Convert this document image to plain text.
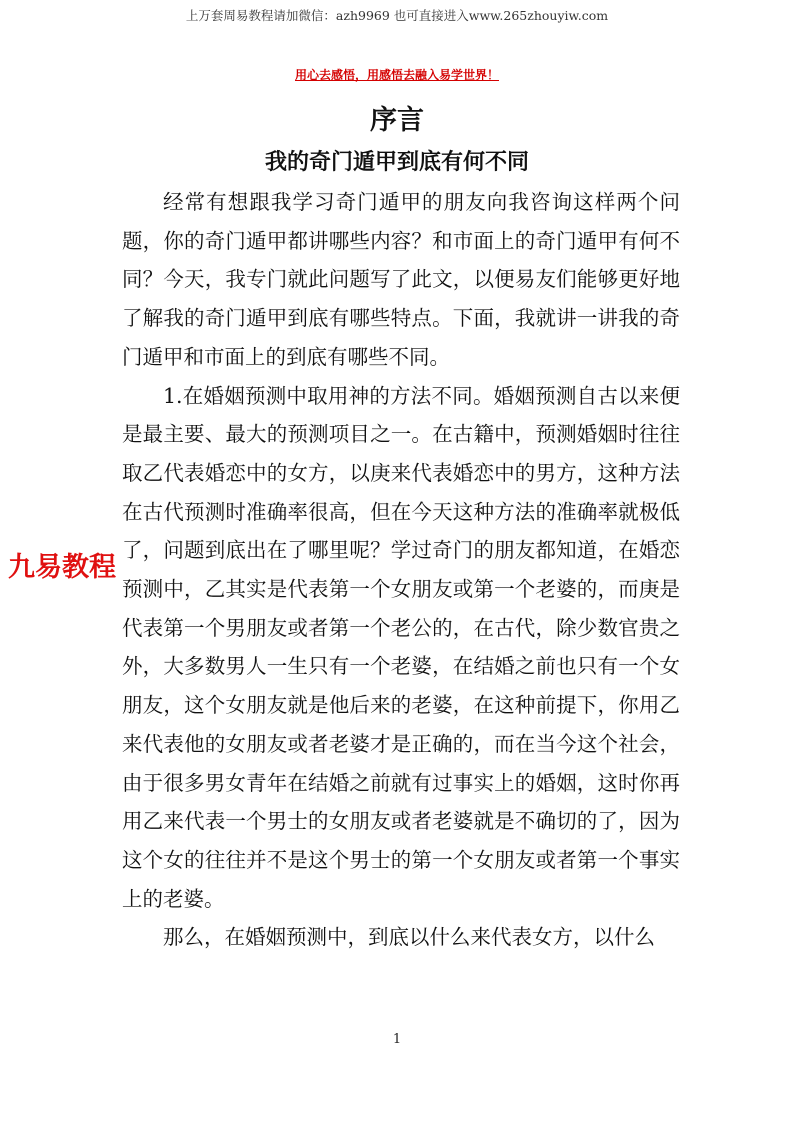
上万套周易教程请加微信：azh9969 也可直接进入www.265zhouyiw.com
用心去感悟，用感悟去融入易学世界！
序言
我的奇门遁甲到底有何不同

经常有想跟我学习奇门遁甲的朋友向我咨询这样两个问题，你的奇门遁甲都讲哪些内容？和市面上的奇门遁甲有何不同？今天，我专门就此问题写了此文，以便易友们能够更好地了解我的奇门遁甲到底有哪些特点。下面，我就讲一讲我的奇门遁甲和市面上的到底有哪些不同。

1.在婚姻预测中取用神的方法不同。婚姻预测自古以来便是最主要、最大的预测项目之一。在古籍中，预测婚姻时往往取乙代表婚恋中的女方，以庚来代表婚恋中的男方，这种方法在古代预测时准确率很高，但在今天这种方法的准确率就极低了，问题到底出在了哪里呢？学过奇门的朋友都知道，在婚恋预测中，乙其实是代表第一个女朋友或第一个老婆的，而庚是代表第一个男朋友或者第一个老公的，在古代，除少数官贵之外，大多数男人一生只有一个老婆，在结婚之前也只有一个女朋友，这个女朋友就是他后来的老婆，在这种前提下，你用乙来代表他的女朋友或者老婆才是正确的，而在当今这个社会，由于很多男女青年在结婚之前就有过事实上的婚姻，这时你再用乙来代表一个男士的女朋友或者老婆就是不确切的了，因为这个女的往往并不是这个男士的第一个女朋友或者第一个事实上的老婆。

那么，在婚姻预测中，到底以什么来代表女方，以什么

九易教程
1
